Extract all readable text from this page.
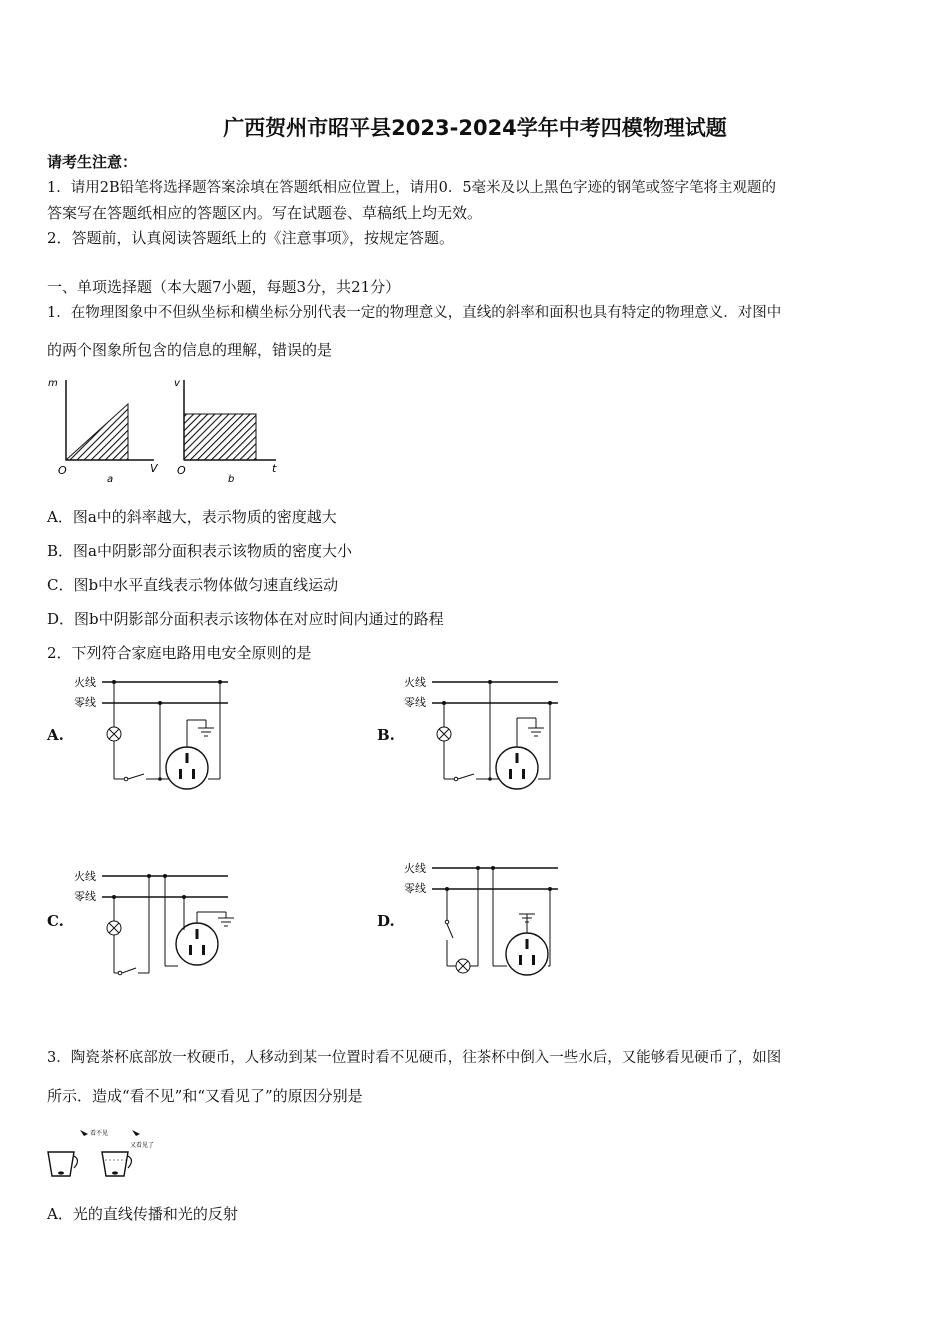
广西贺州市昭平县2023-2024学年中考四模物理试题
请考生注意：
1．请用2B铅笔将选择题答案涂填在答题纸相应位置上，请用0．5毫米及以上黑色字迹的钢笔或签字笔将主观题的
答案写在答题纸相应的答题区内。写在试题卷、草稿纸上均无效。
2．答题前，认真阅读答题纸上的《注意事项》，按规定答题。
一、单项选择题（本大题7小题，每题3分，共21分）
1．在物理图象中不但纵坐标和横坐标分别代表一定的物理意义，直线的斜率和面积也具有特定的物理意义．对图中
的两个图象所包含的信息的理解，错误的是
m
O	V
a
v
O	t
b
A．图a中的斜率越大，表示物质的密度越大
B．图a中阴影部分面积表示该物质的密度大小
C．图b中水平直线表示物体做匀速直线运动
D．图b中阴影部分面积表示该物体在对应时间内通过的路程
2．下列符合家庭电路用电安全原则的是
A.	B.
C.	D.
火线
零线
火线
零线
火线
零线
火线
零线
3．陶瓷茶杯底部放一枚硬币，人移动到某一位置时看不见硬币，往茶杯中倒入一些水后，又能够看见硬币了，如图
所示．造成“看不见”和“又看见了”的原因分别是
看不见
又看见了
A．光的直线传播和光的反射
